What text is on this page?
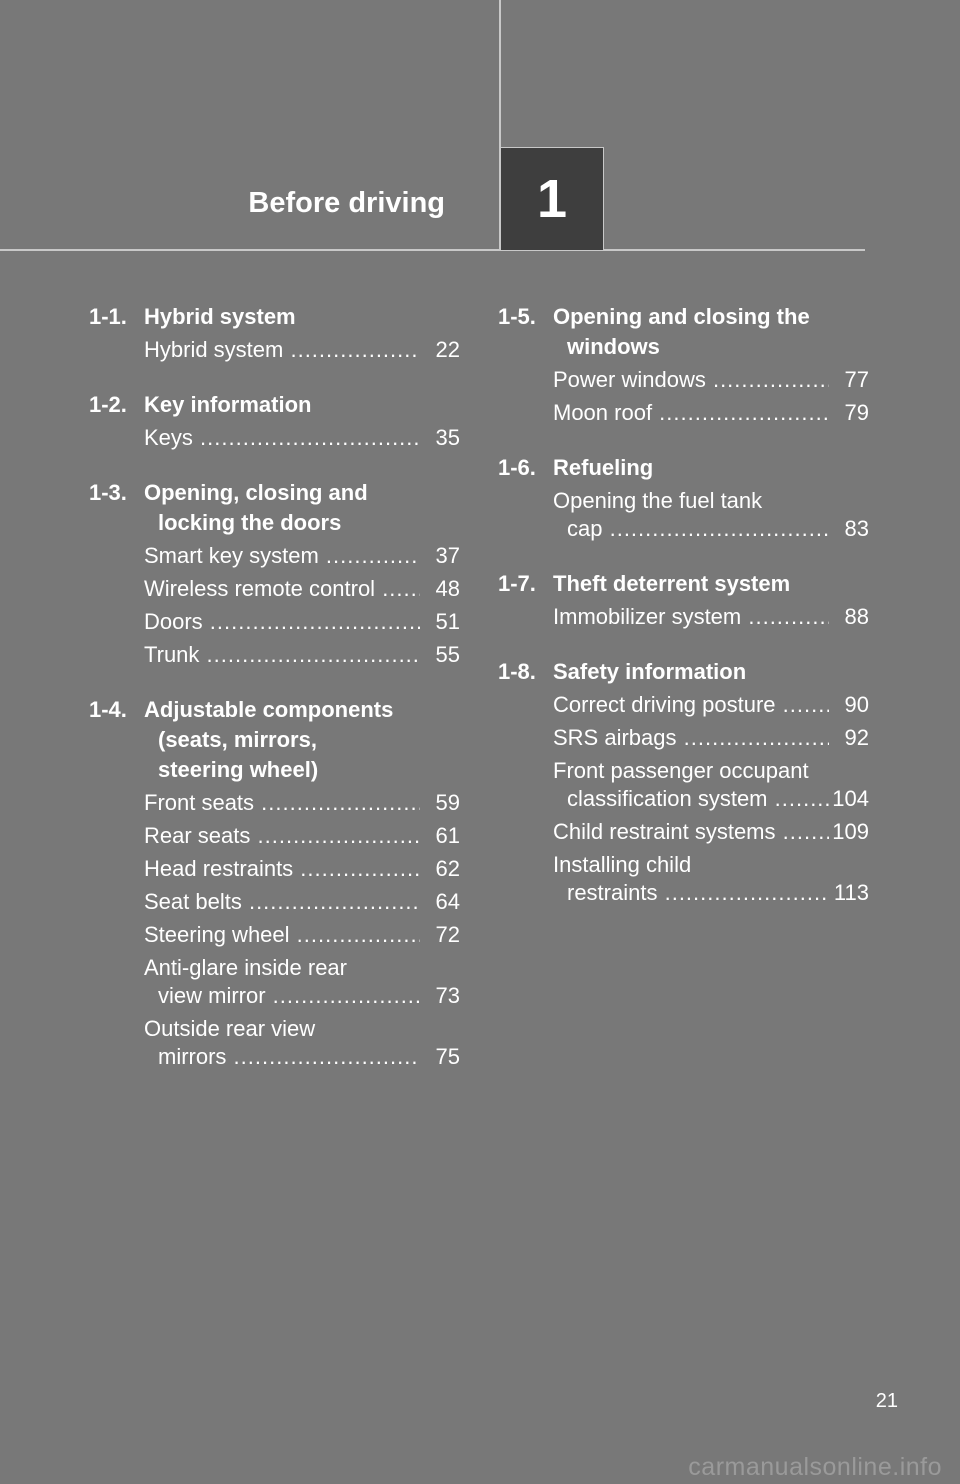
Before driving 1
1-1. Hybrid system
Hybrid system .....	22
1-2. Key information
Keys .....	35
1-3. Opening, closing and
locking the doors
Smart key system .....	37
Wireless remote control .....	48
Doors .....	51
Trunk .....	55
1-4. Adjustable components
(seats, mirrors,
steering wheel)
Front seats .....	59
Rear seats .....	61
Head restraints .....	62
Seat belts .....	64
Steering wheel .....	72
Anti-glare inside rear
view mirror .....	73
Outside rear view
mirrors .....	75
1-5. Opening and closing the
windows
Power windows .....	77
Moon roof .....	79
1-6. Refueling
Opening the fuel tank
cap .....	83
1-7. Theft deterrent system
Immobilizer system .....	88
1-8. Safety information
Correct driving posture .....	90
SRS airbags .....	92
Front passenger occupant
classification system .....	104
Child restraint systems .....	109
Installing child
restraints .....	113
21
carmanualsonline.info
